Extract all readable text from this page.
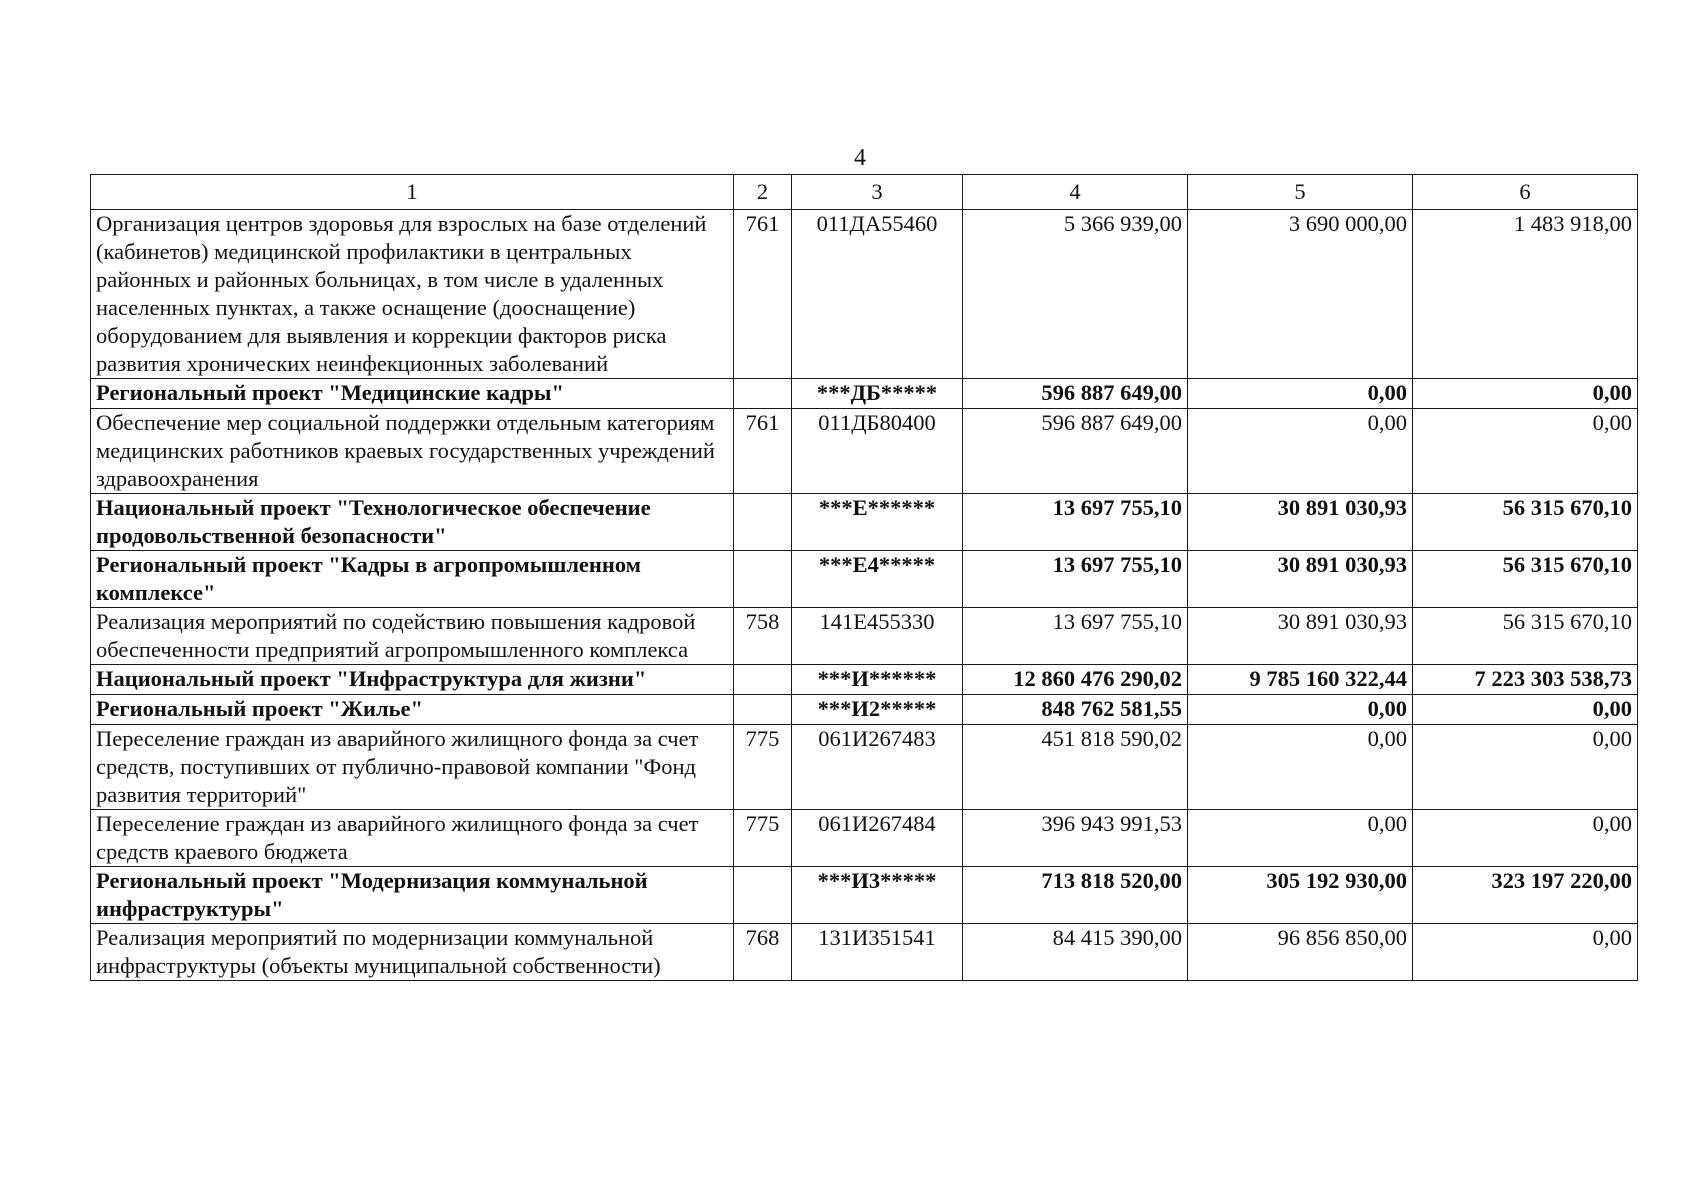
4
1	2	3	4	5	6
Организация центров здоровья для взрослых на базе отделений (кабинетов) медицинской профилактики в центральных районных и районных больницах, в том числе в удаленных населенных пунктах, а также оснащение (дооснащение) оборудованием для выявления и коррекции факторов риска развития хронических неинфекционных заболеваний	761	011ДА55460	5 366 939,00	3 690 000,00	1 483 918,00
Региональный проект "Медицинские кадры"		***ДБ*****	596 887 649,00	0,00	0,00
Обеспечение мер социальной поддержки отдельным категориям медицинских работников краевых государственных учреждений здравоохранения	761	011ДБ80400	596 887 649,00	0,00	0,00
Национальный проект "Технологическое обеспечение продовольственной безопасности"		***Е******	13 697 755,10	30 891 030,93	56 315 670,10
Региональный проект "Кадры в агропромышленном комплексе"		***Е4*****	13 697 755,10	30 891 030,93	56 315 670,10
Реализация мероприятий по содействию повышения кадровой обеспеченности предприятий агропромышленного комплекса	758	141Е455330	13 697 755,10	30 891 030,93	56 315 670,10
Национальный проект "Инфраструктура для жизни"		***И******	12 860 476 290,02	9 785 160 322,44	7 223 303 538,73
Региональный проект "Жилье"		***И2*****	848 762 581,55	0,00	0,00
Переселение граждан из аварийного жилищного фонда за счет средств, поступивших от публично-правовой компании "Фонд развития территорий"	775	061И267483	451 818 590,02	0,00	0,00
Переселение граждан из аварийного жилищного фонда за счет средств краевого бюджета	775	061И267484	396 943 991,53	0,00	0,00
Региональный проект "Модернизация коммунальной инфраструктуры"		***И3*****	713 818 520,00	305 192 930,00	323 197 220,00
Реализация мероприятий по модернизации коммунальной инфраструктуры (объекты муниципальной собственности)	768	131И351541	84 415 390,00	96 856 850,00	0,00
